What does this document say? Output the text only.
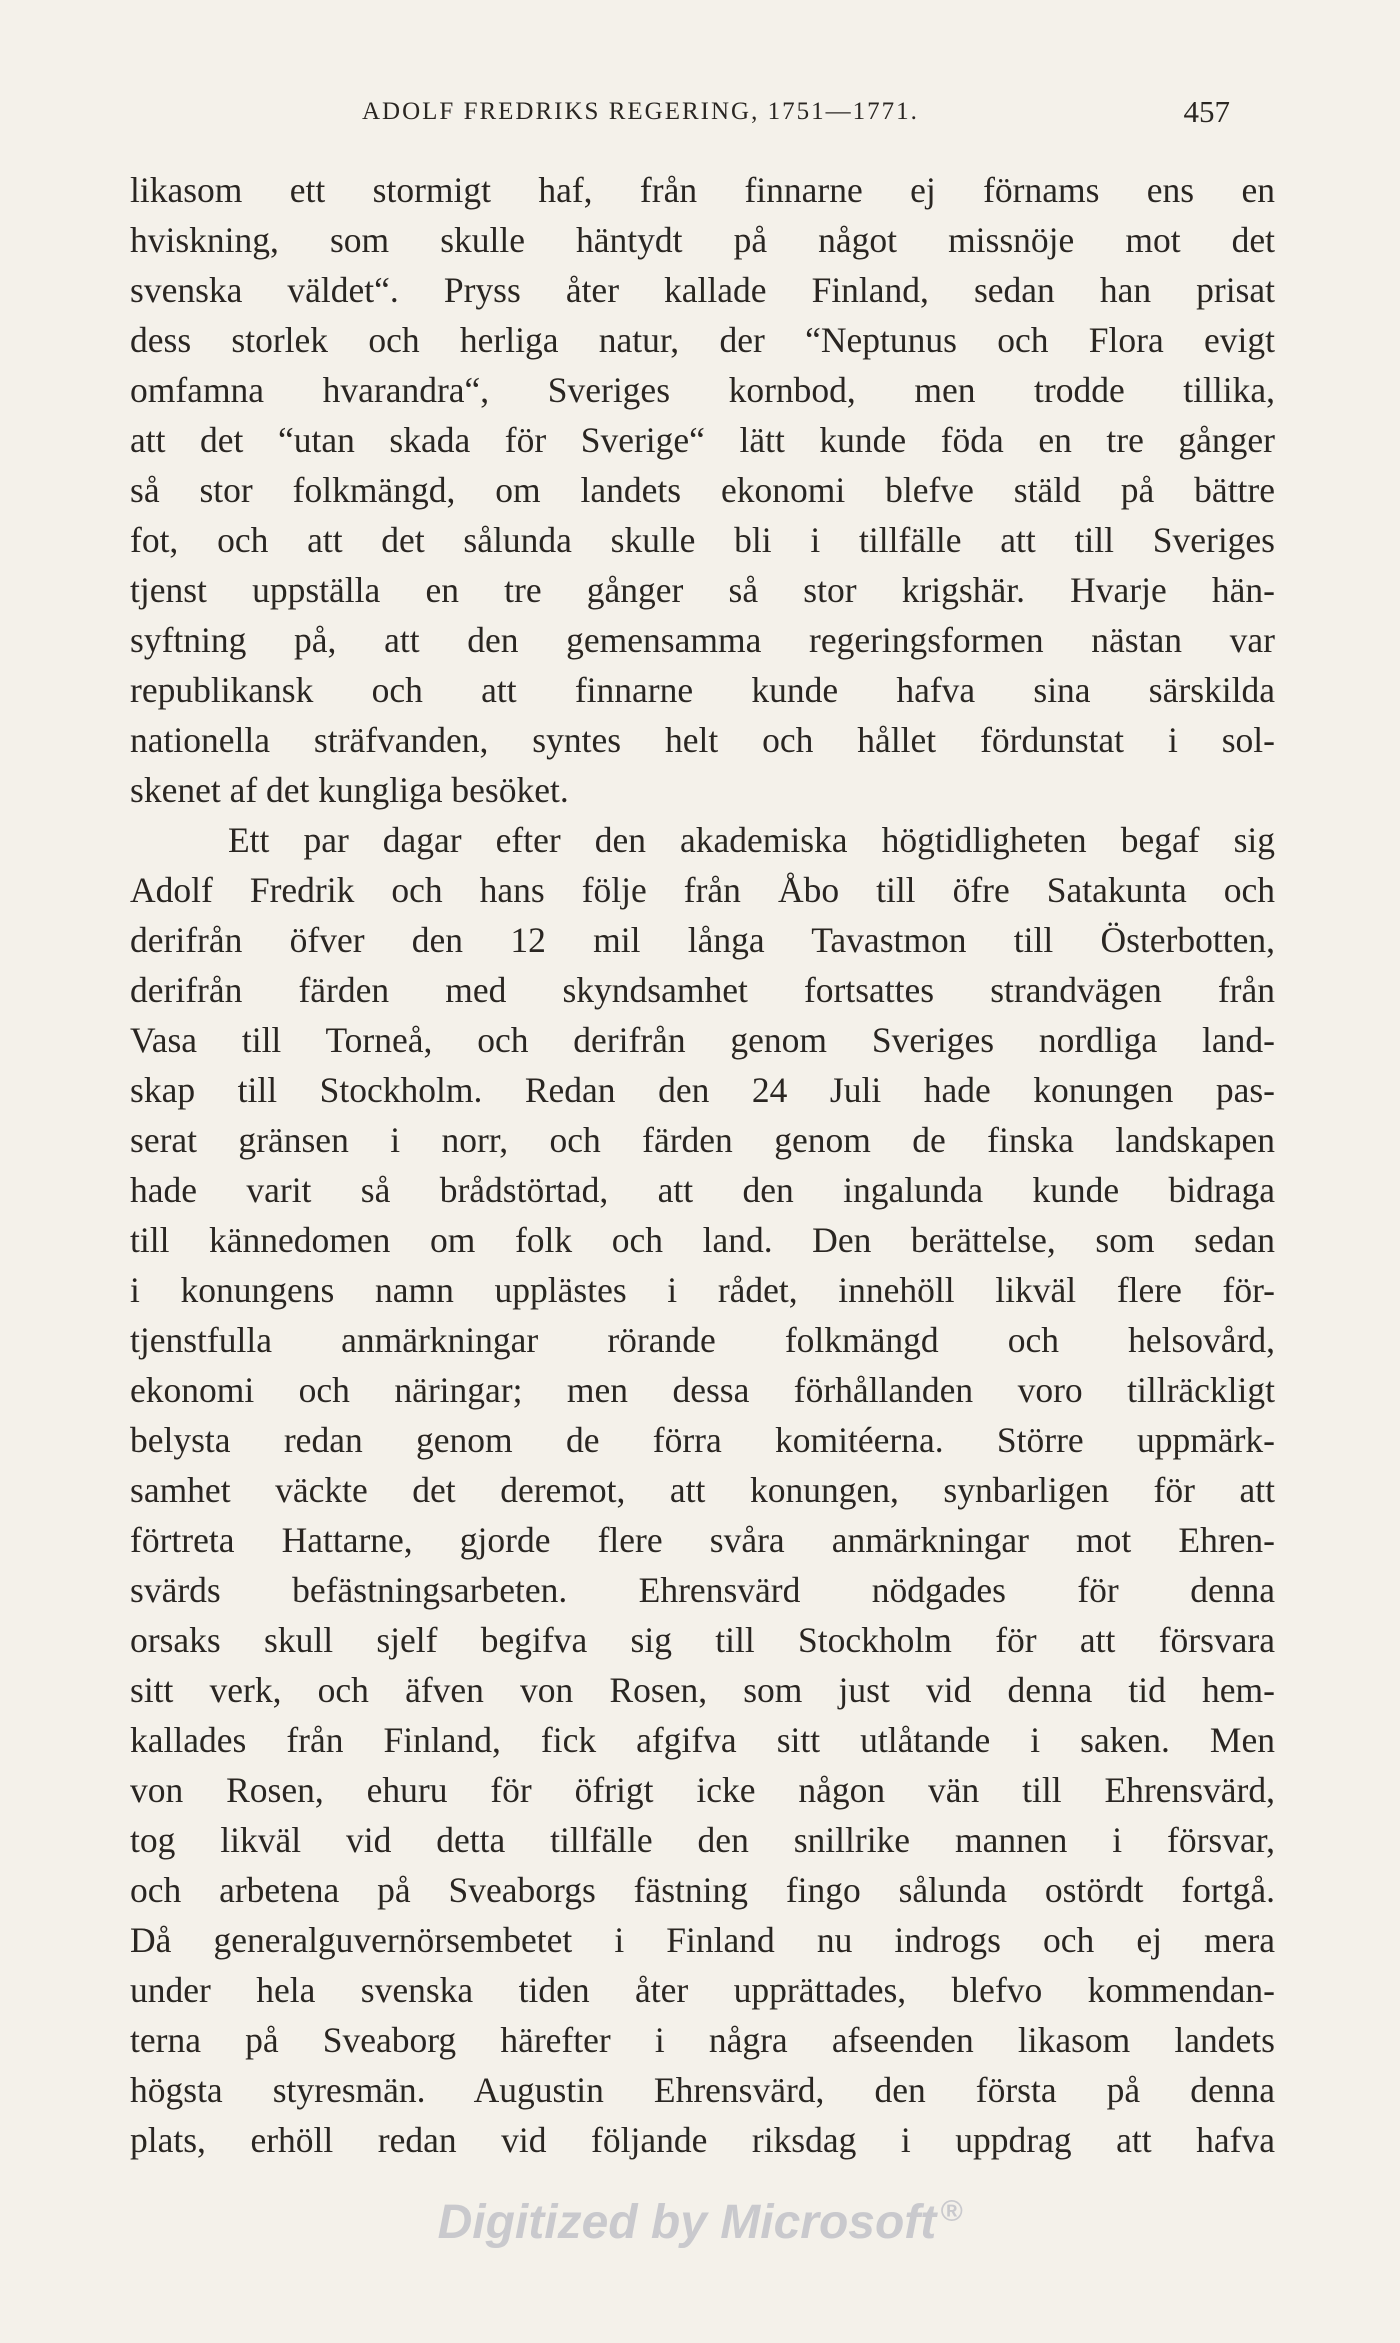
ADOLF FREDRIKS REGERING, 1751—1771.	457
likasom ett stormigt haf, från finnarne ej förnams ens en
hviskning, som skulle häntydt på något missnöje mot det
svenska väldet“. Pryss åter kallade Finland, sedan han prisat
dess storlek och herliga natur, der “Neptunus och Flora evigt
omfamna hvarandra“, Sveriges kornbod, men trodde tillika,
att det “utan skada för Sverige“ lätt kunde föda en tre gånger
så stor folkmängd, om landets ekonomi blefve stäld på bättre
fot, och att det sålunda skulle bli i tillfälle att till Sveriges
tjenst uppställa en tre gånger så stor krigshär. Hvarje hän-
syftning på, att den gemensamma regeringsformen nästan var
republikansk och att finnarne kunde hafva sina särskilda
nationella sträfvanden, syntes helt och hållet fördunstat i sol-
skenet af det kungliga besöket.
Ett par dagar efter den akademiska högtidligheten begaf sig
Adolf Fredrik och hans följe från Åbo till öfre Satakunta och
derifrån öfver den 12 mil långa Tavastmon till Österbotten,
derifrån färden med skyndsamhet fortsattes strandvägen från
Vasa till Torneå, och derifrån genom Sveriges nordliga land-
skap till Stockholm. Redan den 24 Juli hade konungen pas-
serat gränsen i norr, och färden genom de finska landskapen
hade varit så brådstörtad, att den ingalunda kunde bidraga
till kännedomen om folk och land. Den berättelse, som sedan
i konungens namn upplästes i rådet, innehöll likväl flere för-
tjenstfulla anmärkningar rörande folkmängd och helsovård,
ekonomi och näringar; men dessa förhållanden voro tillräckligt
belysta redan genom de förra komitéerna. Större uppmärk-
samhet väckte det deremot, att konungen, synbarligen för att
förtreta Hattarne, gjorde flere svåra anmärkningar mot Ehren-
svärds befästningsarbeten. Ehrensvärd nödgades för denna
orsaks skull sjelf begifva sig till Stockholm för att försvara
sitt verk, och äfven von Rosen, som just vid denna tid hem-
kallades från Finland, fick afgifva sitt utlåtande i saken. Men
von Rosen, ehuru för öfrigt icke någon vän till Ehrensvärd,
tog likväl vid detta tillfälle den snillrike mannen i försvar,
och arbetena på Sveaborgs fästning fingo sålunda ostördt fortgå.
Då generalguvernörsembetet i Finland nu indrogs och ej mera
under hela svenska tiden åter upprättades, blefvo kommendan-
terna på Sveaborg härefter i några afseenden likasom landets
högsta styresmän. Augustin Ehrensvärd, den första på denna
plats, erhöll redan vid följande riksdag i uppdrag att hafva
Digitized by Microsoft ®
